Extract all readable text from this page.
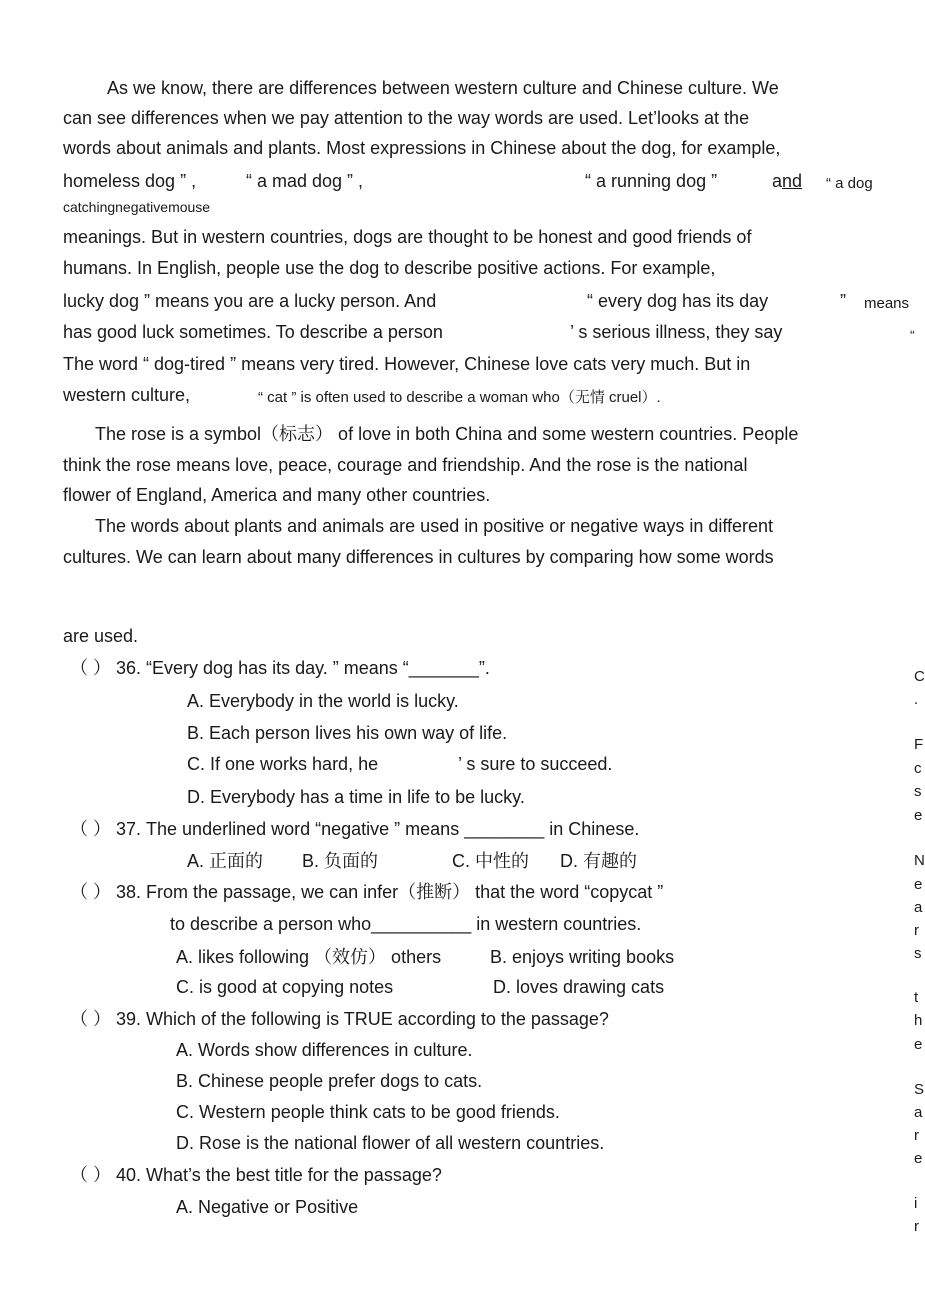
As we know, there are differences between western culture and Chinese culture. We
can see differences when we pay attention to the way words are used. Let’looks at the
words about animals and plants. Most expressions in Chinese about the dog, for example,
homeless dog ” ,	“ a mad dog ” ,	“ a running dog ”	and “ a dog
catchingnegativemouse
meanings. But in western countries, dogs are thought to be honest and good friends of
humans. In English, people use the dog to describe positive actions. For example,
lucky dog ” means you are a lucky person. And	“ every dog has its day	” means
has good luck sometimes. To describe a person	’ s serious illness, they say	“
The word “ dog-tired ” means very tired. However, Chinese love cats very much. But in
western culture,	“ cat ” is often used to describe a woman who（无情 cruel）.
The rose is a symbol（标志） of love in both China and some western countries. People
think the rose means love, peace, courage and friendship. And the rose is the national
flower of England, America and many other countries.
The words about plants and animals are used in positive or negative ways in different
cultures. We can learn about many differences in cultures by comparing how some words
are used.
（ ） 36. “Every dog has its day. ” means “_______”.
A. Everybody in the world is lucky.
B. Each person lives his own way of life.
C. If one works hard, he	’ s sure to succeed.
D. Everybody has a time in life to be lucky.
（ ） 37. The underlined word “negative ” means ________ in Chinese.
A. 正面的 B. 负面的	C. 中性的 D. 有趣的
（ ） 38. From the passage, we can infer（推断） that the word “copycat ”
to describe a person who__________ in western countries.
A. likes following （效仿） others	B. enjoys writing books
C. is good at copying notes	D. loves drawing cats
（ ） 39. Which of the following is TRUE according to the passage?
A. Words show differences in culture.
B. Chinese people prefer dogs to cats.
C. Western people think cats to be good friends.
D. Rose is the national flower of all western countries.
（ ） 40. What’s the best title for the passage?
A. Negative or Positive
C
.
F
c
s
e
N
e
a
r
s
t
h
e
S
a
r
e
i
r
